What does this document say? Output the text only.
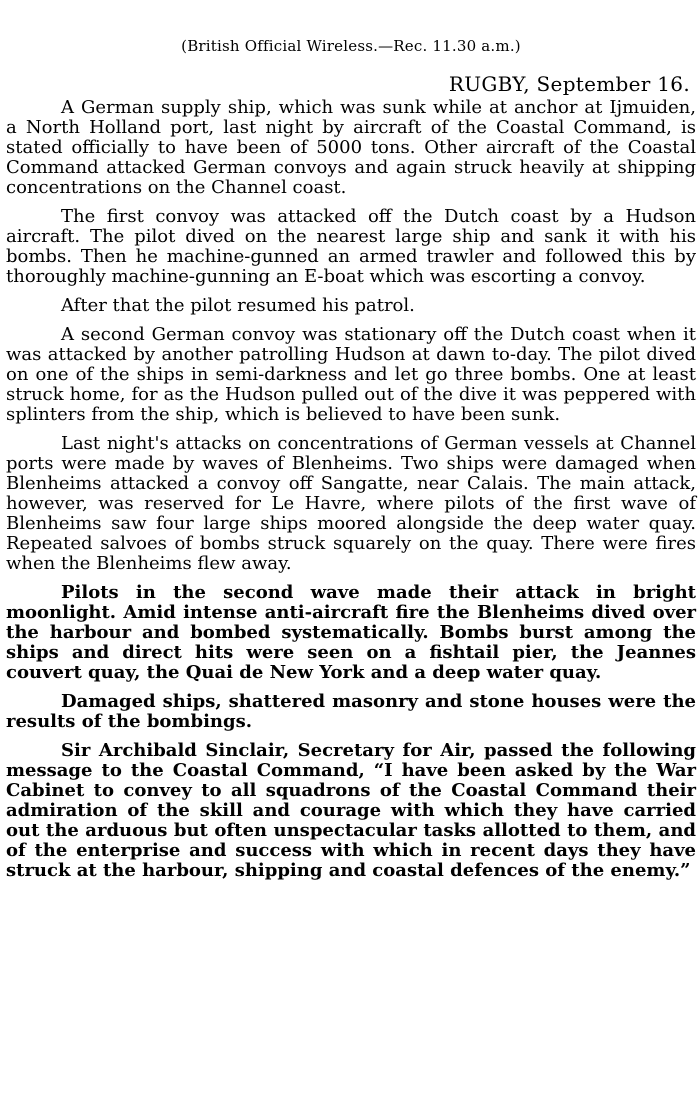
(British Official Wireless.—Rec. 11.30 a.m.)
RUGBY, September 16.

A German supply ship, which was sunk while at anchor at Ijmuiden, a North Holland port, last night by aircraft of the Coastal Command, is stated officially to have been of 5000 tons. Other aircraft of the Coastal Command attacked German convoys and again struck heavily at shipping concentrations on the Channel coast.

The first convoy was attacked off the Dutch coast by a Hudson aircraft. The pilot dived on the nearest large ship and sank it with his bombs. Then he machine-gunned an armed trawler and followed this by thoroughly machine-gunning an E-boat which was escorting a convoy.

After that the pilot resumed his patrol.

A second German convoy was stationary off the Dutch coast when it was attacked by another patrolling Hudson at dawn to-day. The pilot dived on one of the ships in semi-darkness and let go three bombs. One at least struck home, for as the Hudson pulled out of the dive it was peppered with splinters from the ship, which is believed to have been sunk.

Last night's attacks on concentrations of German vessels at Channel ports were made by waves of Blenheims. Two ships were damaged when Blenheims attacked a convoy off Sangatte, near Calais. The main attack, however, was reserved for Le Havre, where pilots of the first wave of Blenheims saw four large ships moored alongside the deep water quay. Repeated salvoes of bombs struck squarely on the quay. There were fires when the Blenheims flew away.

Pilots in the second wave made their attack in bright moonlight. Amid intense anti-aircraft fire the Blenheims dived over the harbour and bombed systematically. Bombs burst among the ships and direct hits were seen on a fishtail pier, the Jeannes couvert quay, the Quai de New York and a deep water quay.

Damaged ships, shattered masonry and stone houses were the results of the bombings.

Sir Archibald Sinclair, Secretary for Air, passed the following message to the Coastal Command, “I have been asked by the War Cabinet to convey to all squadrons of the Coastal Command their admiration of the skill and courage with which they have carried out the arduous but often unspectacular tasks allotted to them, and of the enterprise and success with which in recent days they have struck at the harbour, shipping and coastal defences of the enemy.”
